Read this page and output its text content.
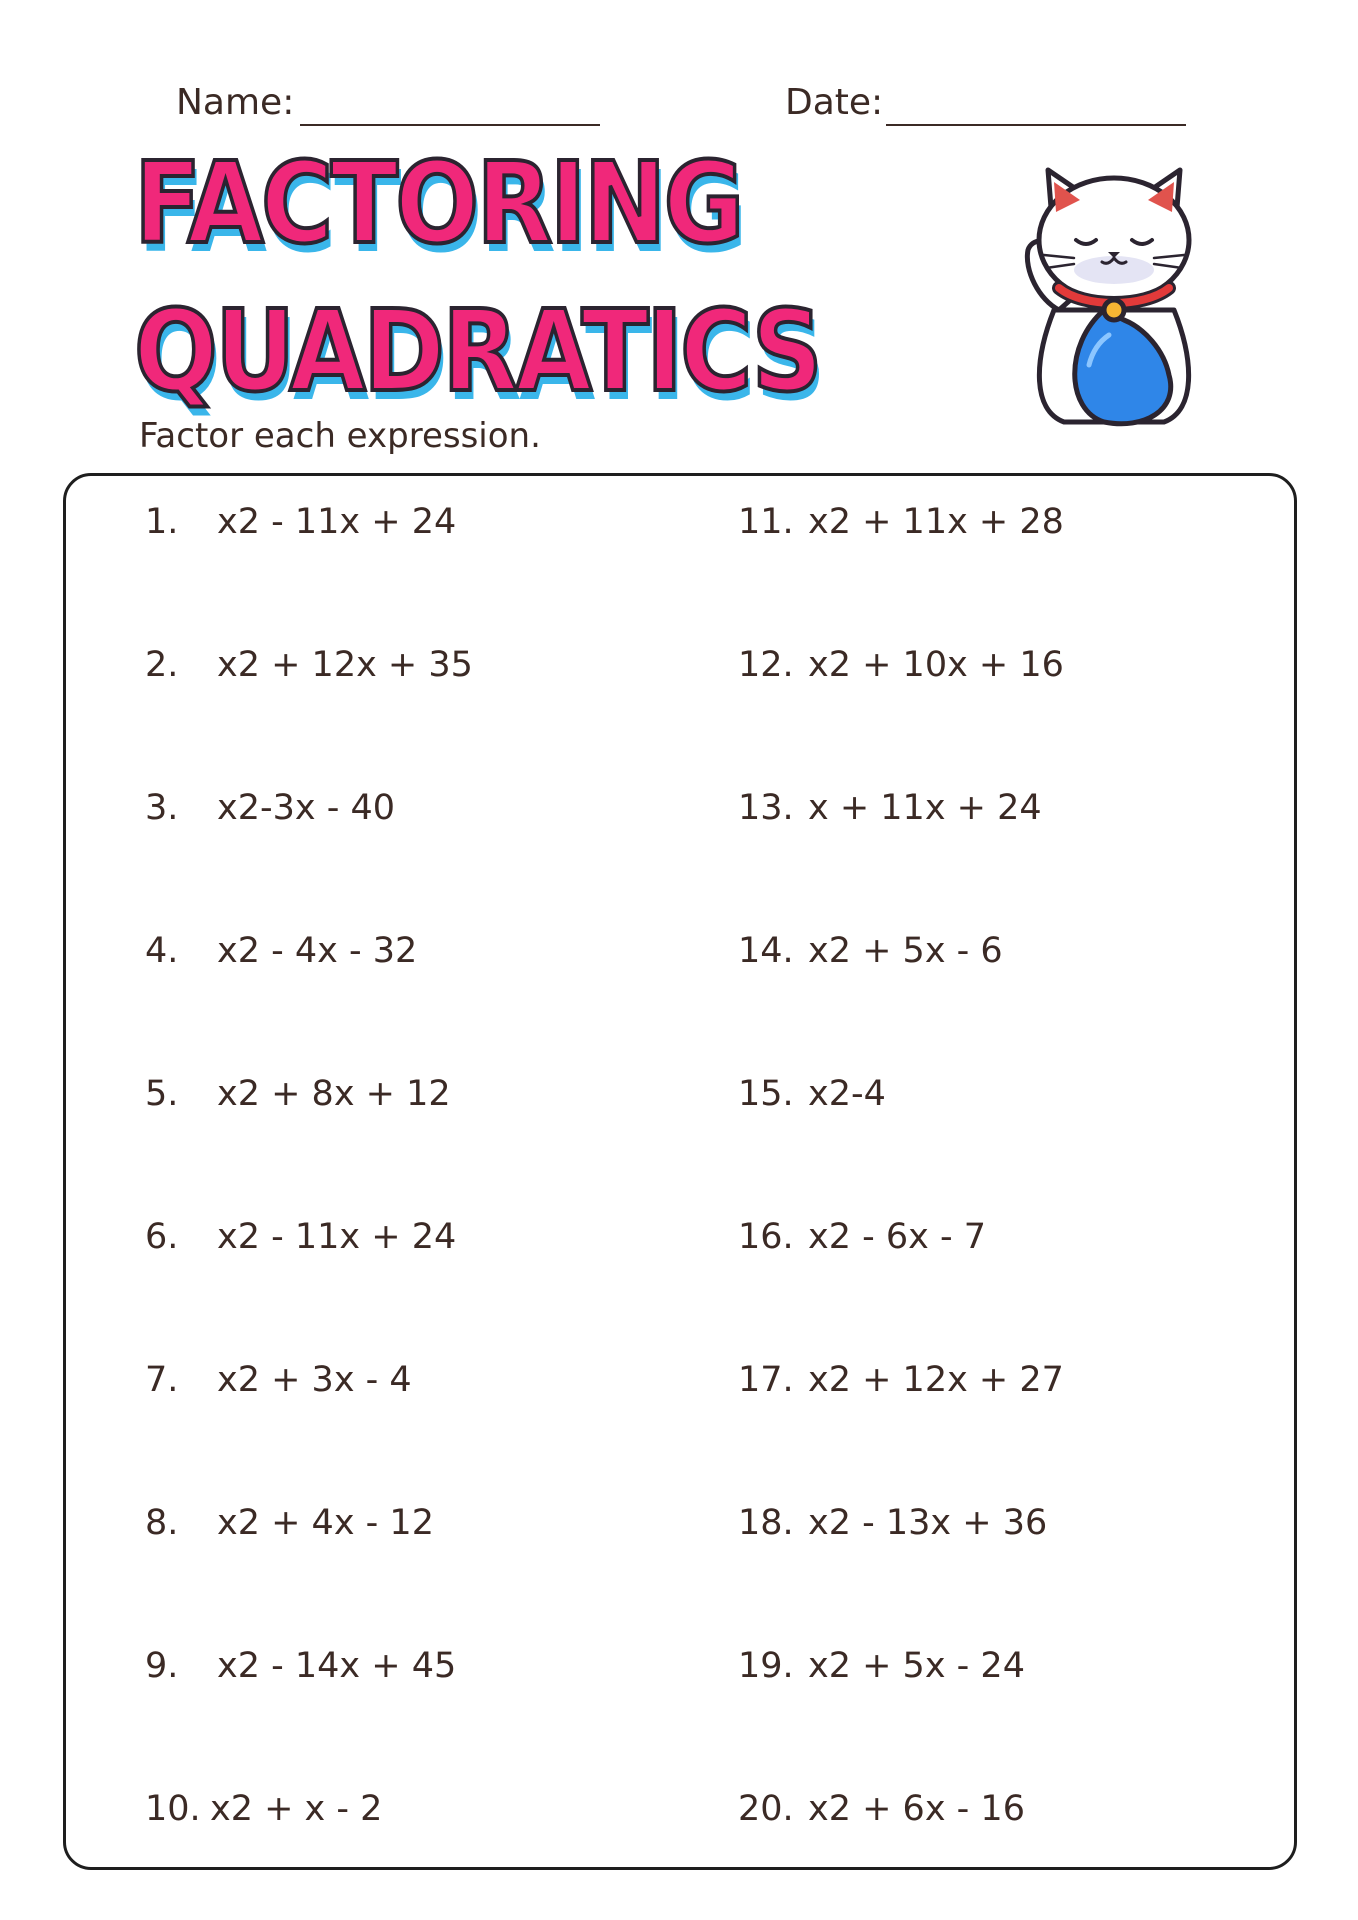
Name:	Date:
FACTORING
QUADRATICS

Factor each expression.

1. x2 - 11x + 24
2. x2 + 12x + 35
3. x2-3x - 40
4. x2 - 4x - 32
5. x2 + 8x + 12
6. x2 - 11x + 24
7. x2 + 3x - 4
8. x2 + 4x - 12
9. x2 - 14x + 45
10. x2 + x - 2
11. x2 + 11x + 28
12. x2 + 10x + 16
13. x + 11x + 24
14. x2 + 5x - 6
15. x2-4
16. x2 - 6x - 7
17. x2 + 12x + 27
18. x2 - 13x + 36
19. x2 + 5x - 24
20. x2 + 6x - 16
